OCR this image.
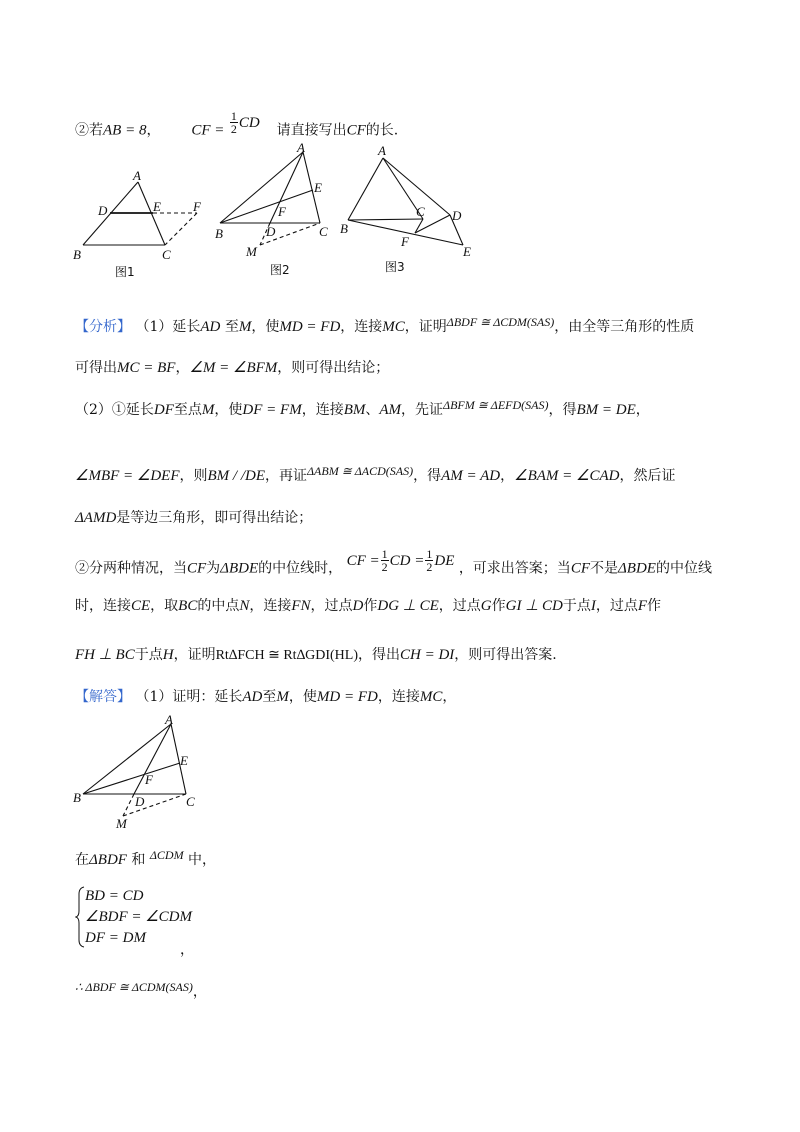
②若AB = 8， CF = $\frac{1}{2}$ CD 请直接写出CF的长.
A
D	E F
B	C
图1
A
E
F
B	D	C
M
图2
A
C D
B
F
E
图3
【分析】 （1）延长AD 至M，使MD = FD，连接MC，证明ΔBDF ≅ ΔCDM(SAS)，由全等三角形的性质
可得出MC = BF，∠M = ∠BFM，则可得出结论；
（2）①延长DF至点M，使DF = FM，连接BM、AM，先证ΔBFM ≅ ΔEFD(SAS)，得BM = DE，
∠MBF = ∠DEF，则BM / /DE，再证ΔABM ≅ ΔACD(SAS)，得AM = AD，∠BAM = ∠CAD，然后证
ΔAMD是等边三角形，即可得出结论；
②分两种情况，当CF为ΔBDE的中位线时， CF = $\frac{1}{2}$ CD = $\frac{1}{2}$ DE ，可求出答案；当CF不是ΔBDE的中位线
时，连接CE，取BC的中点N，连接FN，过点D作DG ⊥ CE，过点G作GI ⊥ CD于点I，过点F作
FH ⊥ BC于点H，证明Rt∆FCH ≅ Rt∆GDI(HL)，得出CH = DI，则可得出答案.
【解答】 （1）证明：延长AD至M，使MD = FD，连接MC，
A
E
F
B	D	C
M
在ΔBDF 和 ΔCDM 中，
BD = CD
∠BDF = ∠CDM
DF = DM
，
∴ ΔBDF ≅ ΔCDM(SAS)，
